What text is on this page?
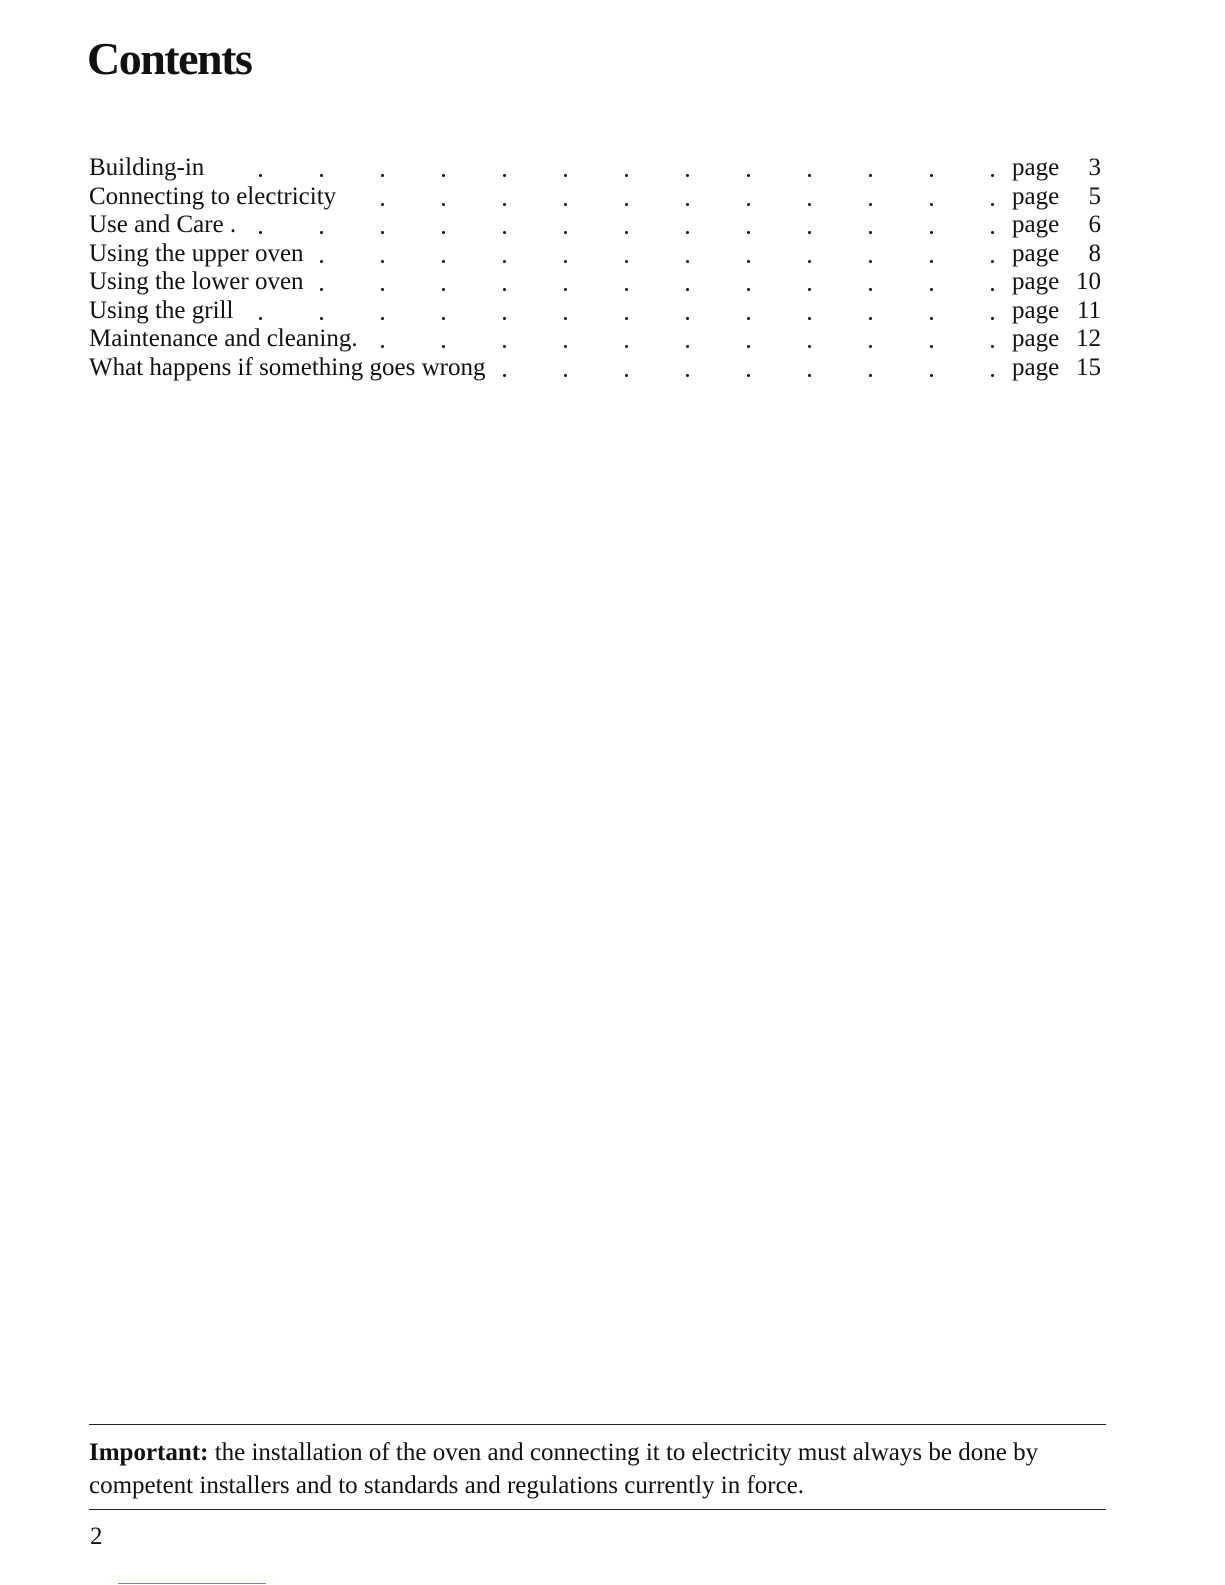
Contents
Building-in	page 3
Connecting to electricity	page 5
Use and Care .	page 6
Using the upper oven	page 8
Using the lower oven	page 10
Using the grill	page 11
Maintenance and cleaning.	page 12
What happens if something goes wrong	page 15

Important: the installation of the oven and connecting it to electricity must always be done by competent installers and to standards and regulations currently in force.

2
